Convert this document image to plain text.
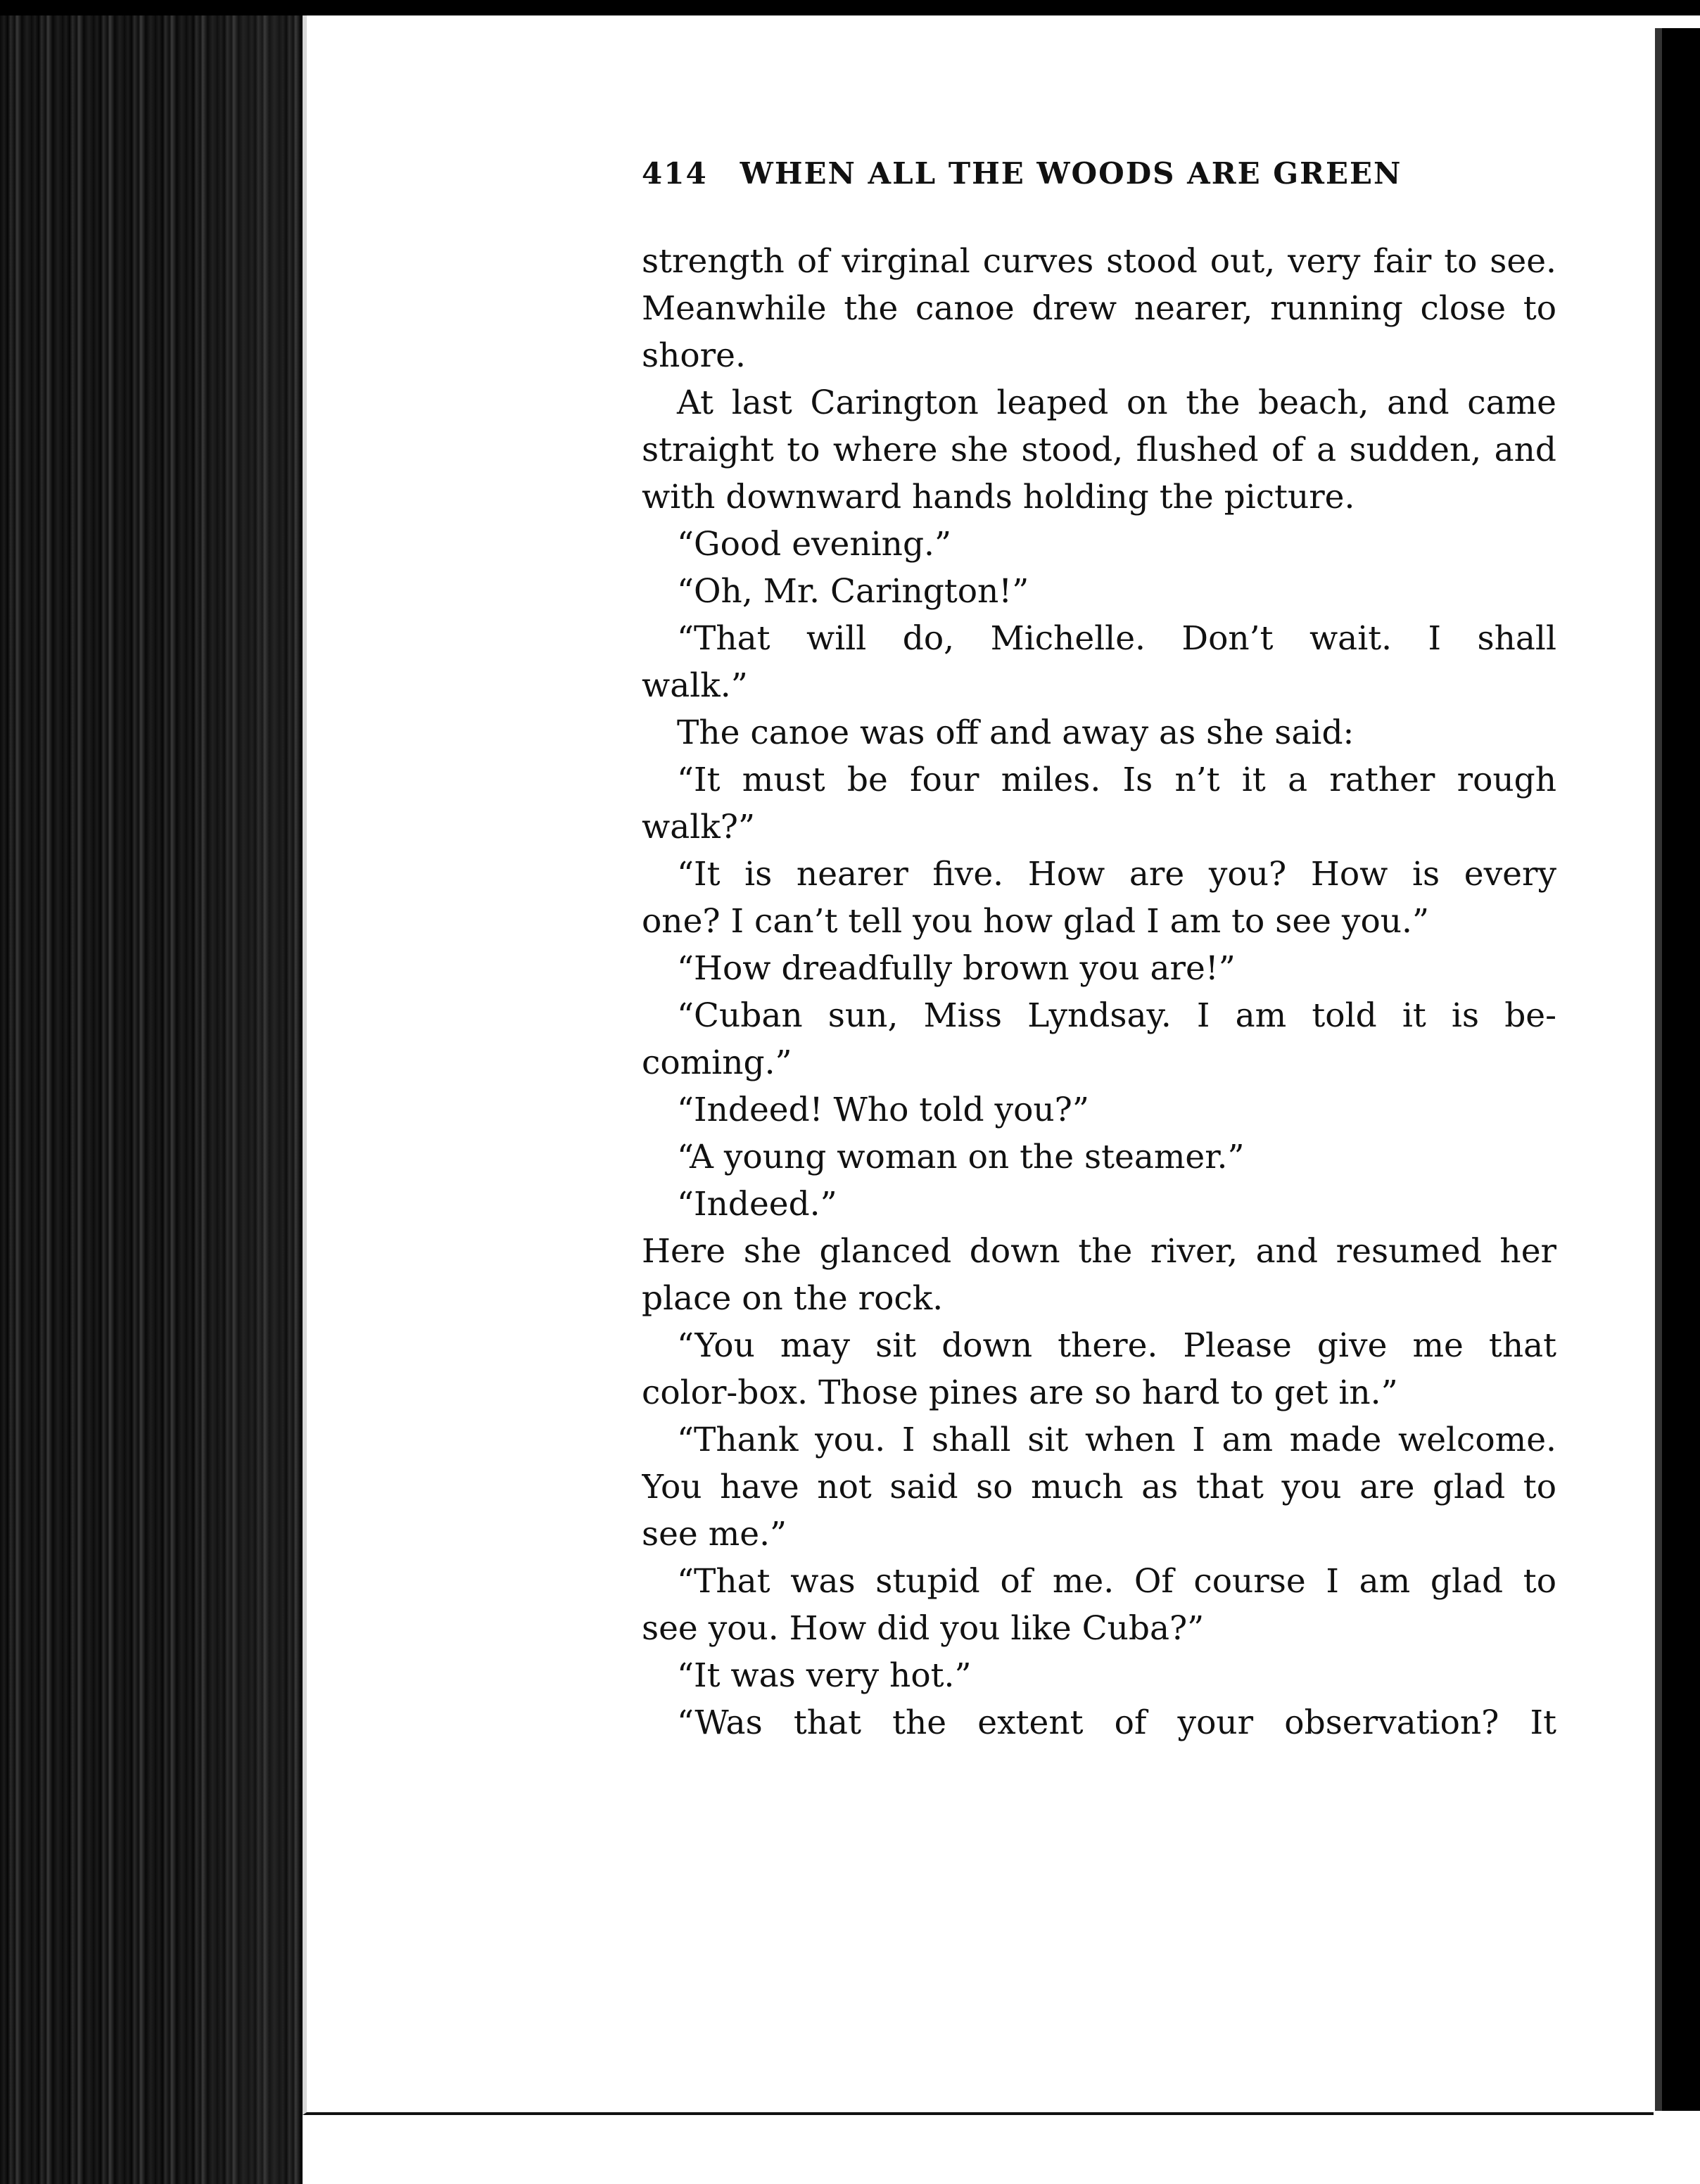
414 WHEN ALL THE WOODS ARE GREEN
strength of virginal curves stood out, very fair to see.
Meanwhile the canoe drew nearer, running close to
shore.
At last Carington leaped on the beach, and came
straight to where she stood, flushed of a sudden, and
with downward hands holding the picture.
“Good evening.”
“Oh, Mr. Carington!”
“That will do, Michelle. Don’t wait. I shall
walk.”
The canoe was off and away as she said:
“It must be four miles. Is n’t it a rather rough
walk?”
“It is nearer five. How are you? How is every
one? I can’t tell you how glad I am to see you.”
“How dreadfully brown you are!”
“Cuban sun, Miss Lyndsay. I am told it is be-
coming.”
“Indeed! Who told you?”
“A young woman on the steamer.”
“Indeed.”
Here she glanced down the river, and resumed her
place on the rock.
“You may sit down there. Please give me that
color-box. Those pines are so hard to get in.”
“Thank you. I shall sit when I am made welcome.
You have not said so much as that you are glad to
see me.”
“That was stupid of me. Of course I am glad to
see you. How did you like Cuba?”
“It was very hot.”
“Was that the extent of your observation? It
